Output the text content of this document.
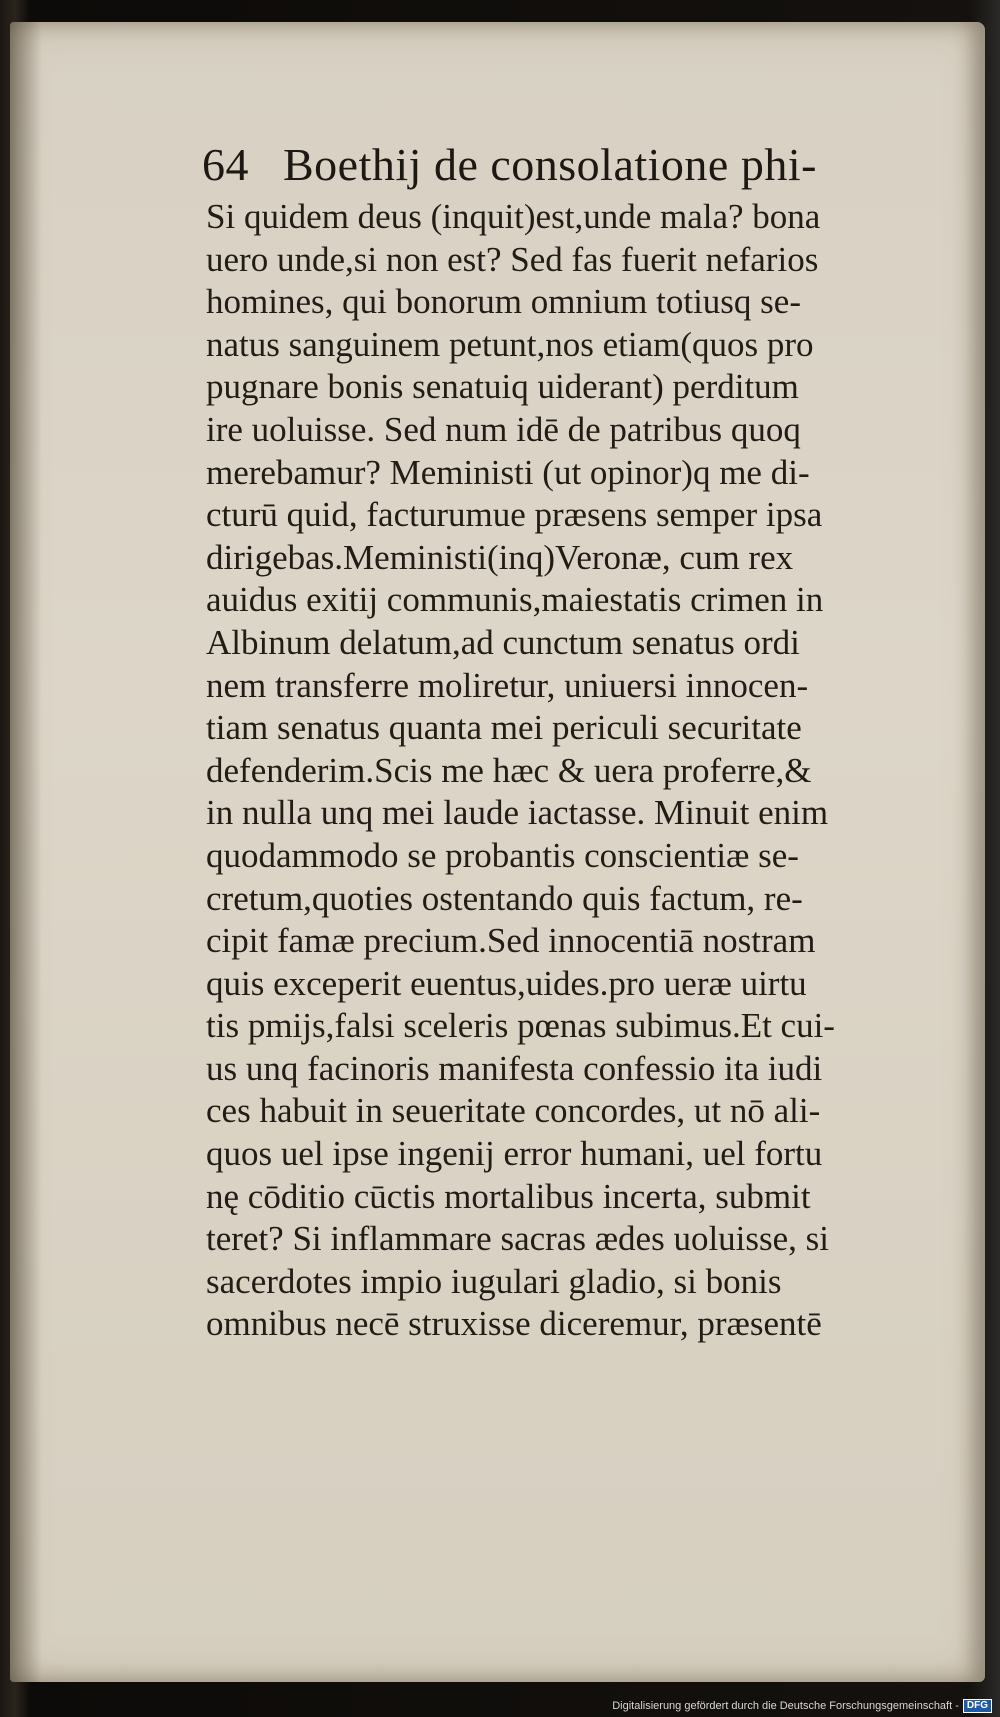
64 Boethij de consolatione phi-
Si quidem deus (inquit)est,unde mala? bona
uero unde,si non est? Sed fas fuerit nefarios
homines, qui bonorum omnium totiusq se-
natus sanguinem petunt,nos etiam(quos pro
pugnare bonis senatuiq uiderant) perditum
ire uoluisse. Sed num idē de patribus quoq
merebamur? Meministi (ut opinor)q me di-
cturū quid, facturumue præsens semper ipsa
dirigebas.Meministi(inq)Veronæ, cum rex
auidus exitij communis,maiestatis crimen in
Albinum delatum,ad cunctum senatus ordi
nem transferre moliretur, uniuersi innocen-
tiam senatus quanta mei periculi securitate
defenderim.Scis me hæc & uera proferre,&
in nulla unq mei laude iactasse. Minuit enim
quodammodo se probantis conscientiæ se-
cretum,quoties ostentando quis factum, re-
cipit famæ precium.Sed innocentiā nostram
quis exceperit euentus,uides.pro ueræ uirtu
tis pmijs,falsi sceleris pœnas subimus.Et cui-
us unq facinoris manifesta confessio ita iudi
ces habuit in seueritate concordes, ut nō ali-
quos uel ipse ingenij error humani, uel fortu
nę cōditio cūctis mortalibus incerta, submit
teret? Si inflammare sacras ædes uoluisse, si
sacerdotes impio iugulari gladio, si bonis
omnibus necē struxisse diceremur, præsentē
Digitalisierung gefördert durch die Deutsche Forschungsgemeinschaft - DFG
